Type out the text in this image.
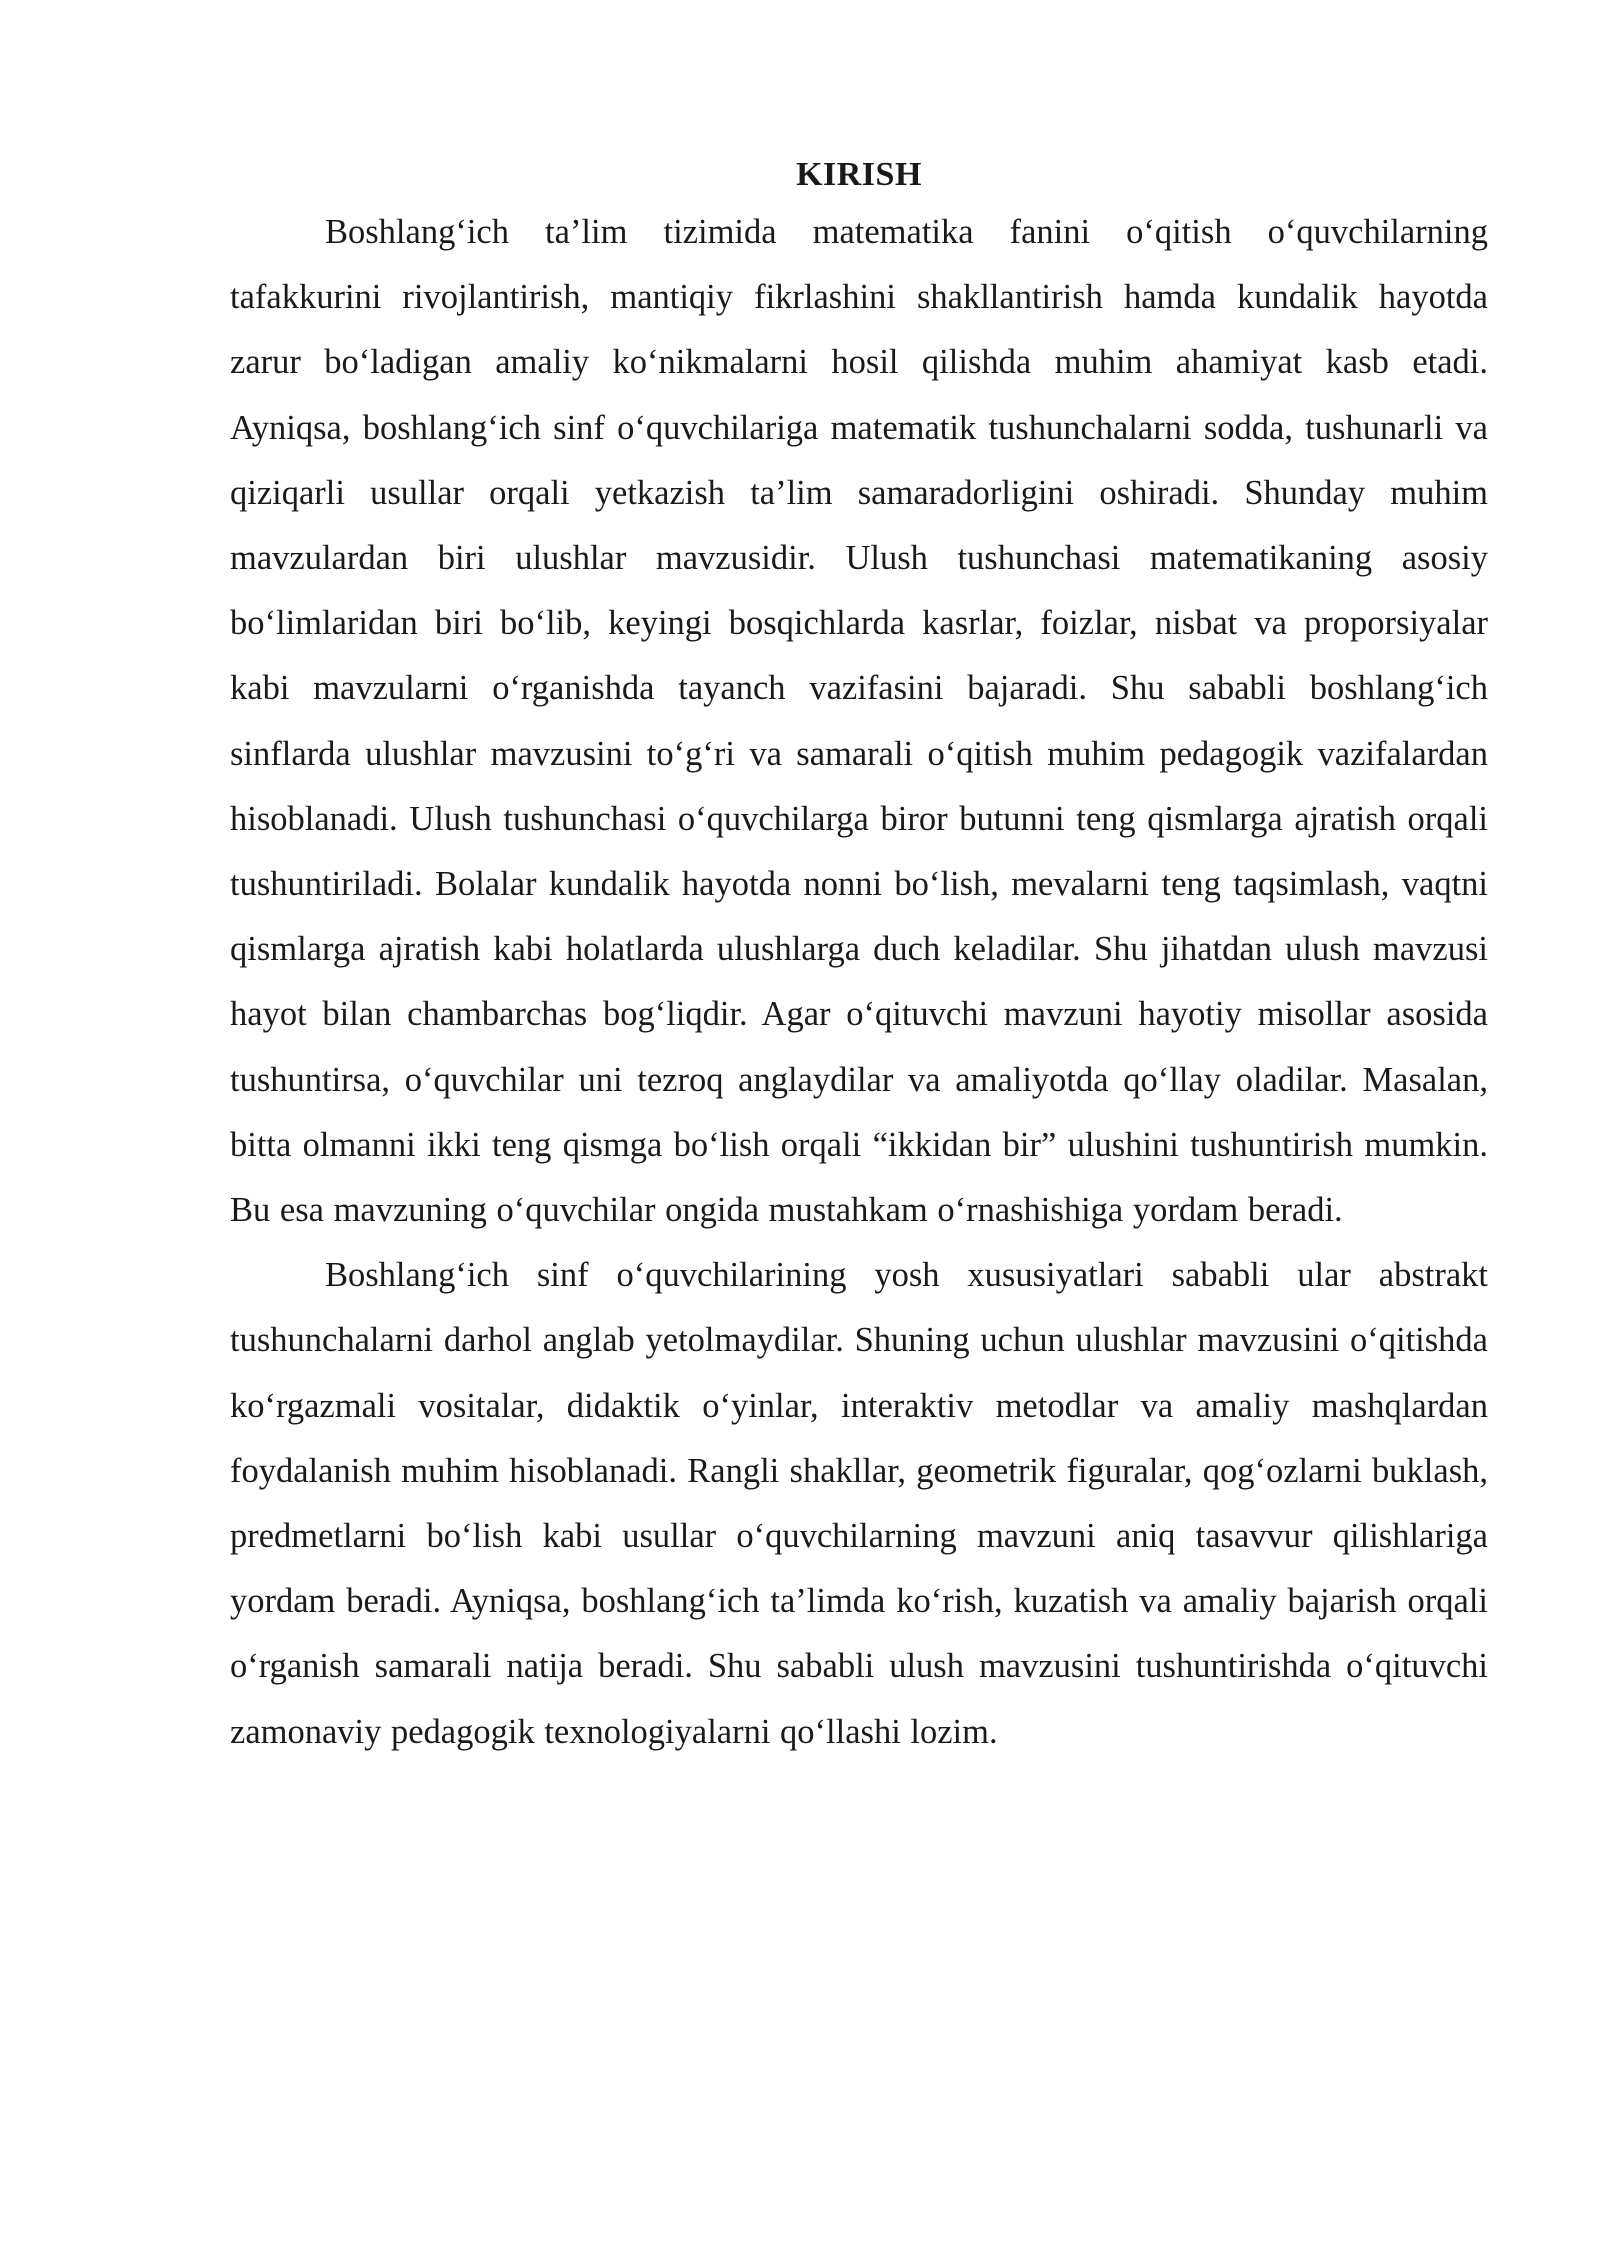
KIRISH

Boshlang‘ich ta’lim tizimida matematika fanini o‘qitish o‘quvchilarning tafakkurini rivojlantirish, mantiqiy fikrlashini shakllantirish hamda kundalik hayotda zarur bo‘ladigan amaliy ko‘nikmalarni hosil qilishda muhim ahamiyat kasb etadi. Ayniqsa, boshlang‘ich sinf o‘quvchilariga matematik tushunchalarni sodda, tushunarli va qiziqarli usullar orqali yetkazish ta’lim samaradorligini oshiradi. Shunday muhim mavzulardan biri ulushlar mavzusidir. Ulush tushunchasi matematikaning asosiy bo‘limlaridan biri bo‘lib, keyingi bosqichlarda kasrlar, foizlar, nisbat va proporsiyalar kabi mavzularni o‘rganishda tayanch vazifasini bajaradi. Shu sababli boshlang‘ich sinflarda ulushlar mavzusini to‘g‘ri va samarali o‘qitish muhim pedagogik vazifalardan hisoblanadi. Ulush tushunchasi o‘quvchilarga biror butunni teng qismlarga ajratish orqali tushuntiriladi. Bolalar kundalik hayotda nonni bo‘lish, mevalarni teng taqsimlash, vaqtni qismlarga ajratish kabi holatlarda ulushlarga duch keladilar. Shu jihatdan ulush mavzusi hayot bilan chambarchas bog‘liqdir. Agar o‘qituvchi mavzuni hayotiy misollar asosida tushuntirsa, o‘quvchilar uni tezroq anglaydilar va amaliyotda qo‘llay oladilar. Masalan, bitta olmanni ikki teng qismga bo‘lish orqali “ikkidan bir” ulushini tushuntirish mumkin. Bu esa mavzuning o‘quvchilar ongida mustahkam o‘rnashishiga yordam beradi.

Boshlang‘ich sinf o‘quvchilarining yosh xususiyatlari sababli ular abstrakt tushunchalarni darhol anglab yetolmaydilar. Shuning uchun ulushlar mavzusini o‘qitishda ko‘rgazmali vositalar, didaktik o‘yinlar, interaktiv metodlar va amaliy mashqlardan foydalanish muhim hisoblanadi. Rangli shakllar, geometrik figuralar, qog‘ozlarni buklash, predmetlarni bo‘lish kabi usullar o‘quvchilarning mavzuni aniq tasavvur qilishlariga yordam beradi. Ayniqsa, boshlang‘ich ta’limda ko‘rish, kuzatish va amaliy bajarish orqali o‘rganish samarali natija beradi. Shu sababli ulush mavzusini tushuntirishda o‘qituvchi zamonaviy pedagogik texnologiyalarni qo‘llashi lozim.
